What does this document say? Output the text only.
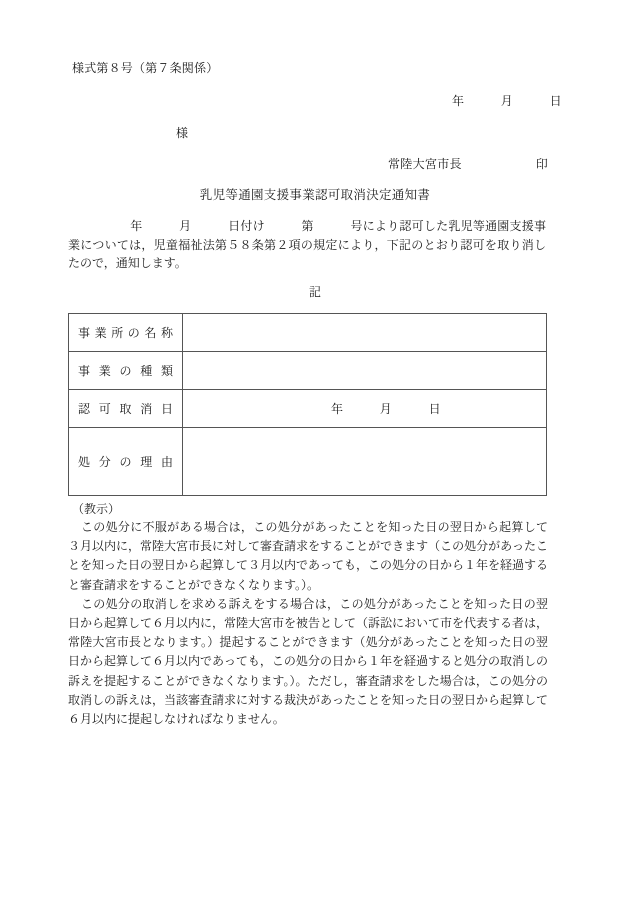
様式第８号（第７条関係）
年　　　月　　　日
様
常陸大宮市長	印
乳児等通園支援事業認可取消決定通知書
年　　　月　　　日付け　　　第　　　号により認可した乳児等通園支援事業については，児童福祉法第５８条第２項の規定により，下記のとおり認可を取り消したので，通知します。
記
事業所の名称	
事業の種類	
認可取消日	年　　　月　　　日
処分の理由	
（教示）

この処分に不服がある場合は，この処分があったことを知った日の翌日から起算して３月以内に，常陸大宮市長に対して審査請求をすることができます（この処分があったことを知った日の翌日から起算して３月以内であっても，この処分の日から１年を経過すると審査請求をすることができなくなります。）。

この処分の取消しを求める訴えをする場合は，この処分があったことを知った日の翌日から起算して６月以内に，常陸大宮市を被告として（訴訟において市を代表する者は，常陸大宮市長となります。）提起することができます（処分があったことを知った日の翌日から起算して６月以内であっても，この処分の日から１年を経過すると処分の取消しの訴えを提起することができなくなります。）。ただし，審査請求をした場合は，この処分の取消しの訴えは，当該審査請求に対する裁決があったことを知った日の翌日から起算して６月以内に提起しなければなりません。
